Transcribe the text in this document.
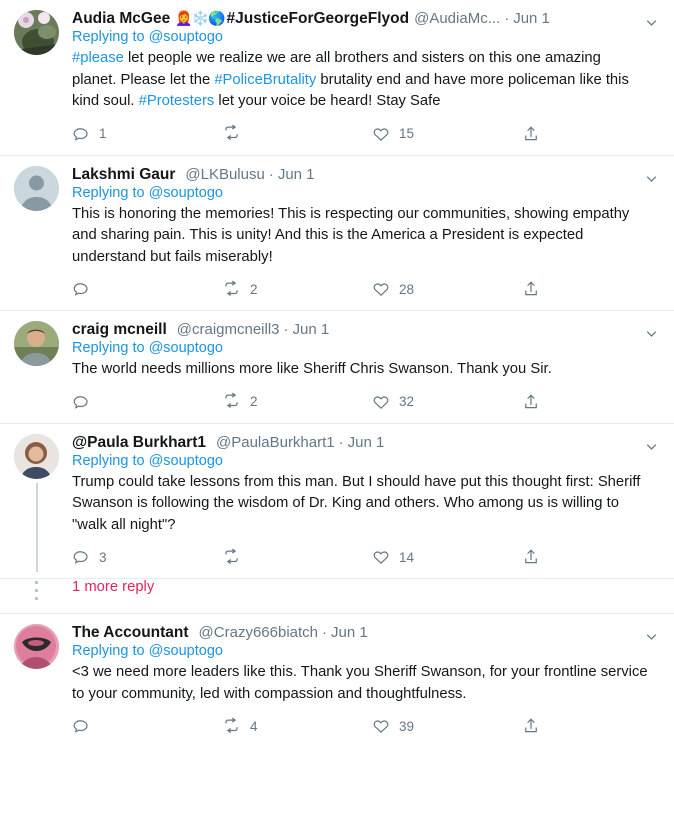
Audia McGee 👩‍🦰❄️🌎 #JusticeForGeorgeFlyod @AudiaMc... · Jun 1
Replying to @souptogo

#please let people we realize we are all brothers and sisters on this one amazing planet. Please let the #PoliceBrutality brutality end and have more policeman like this kind soul. #Protesters let your voice be heard! Stay Safe

1	15
Lakshmi Gaur @LKBulusu · Jun 1
Replying to @souptogo

This is honoring the memories! This is respecting our communities, showing empathy and sharing pain. This is unity! And this is the America a President is expected understand but fails miserably!

2	28
craig mcneill @craigmcneill3 · Jun 1
Replying to @souptogo

The world needs millions more like Sheriff Chris Swanson. Thank you Sir.

2	32
@Paula Burkhart1 @PaulaBurkhart1 · Jun 1
Replying to @souptogo

Trump could take lessons from this man. But I should have put this thought first: Sheriff Swanson is following the wisdom of Dr. King and others. Who among us is willing to "walk all night"?

3	14
1 more reply
The Accountant @Crazy666biatch · Jun 1
Replying to @souptogo

<3 we need more leaders like this. Thank you Sheriff Swanson, for your frontline service to your community, led with compassion and thoughtfulness.

4	39
